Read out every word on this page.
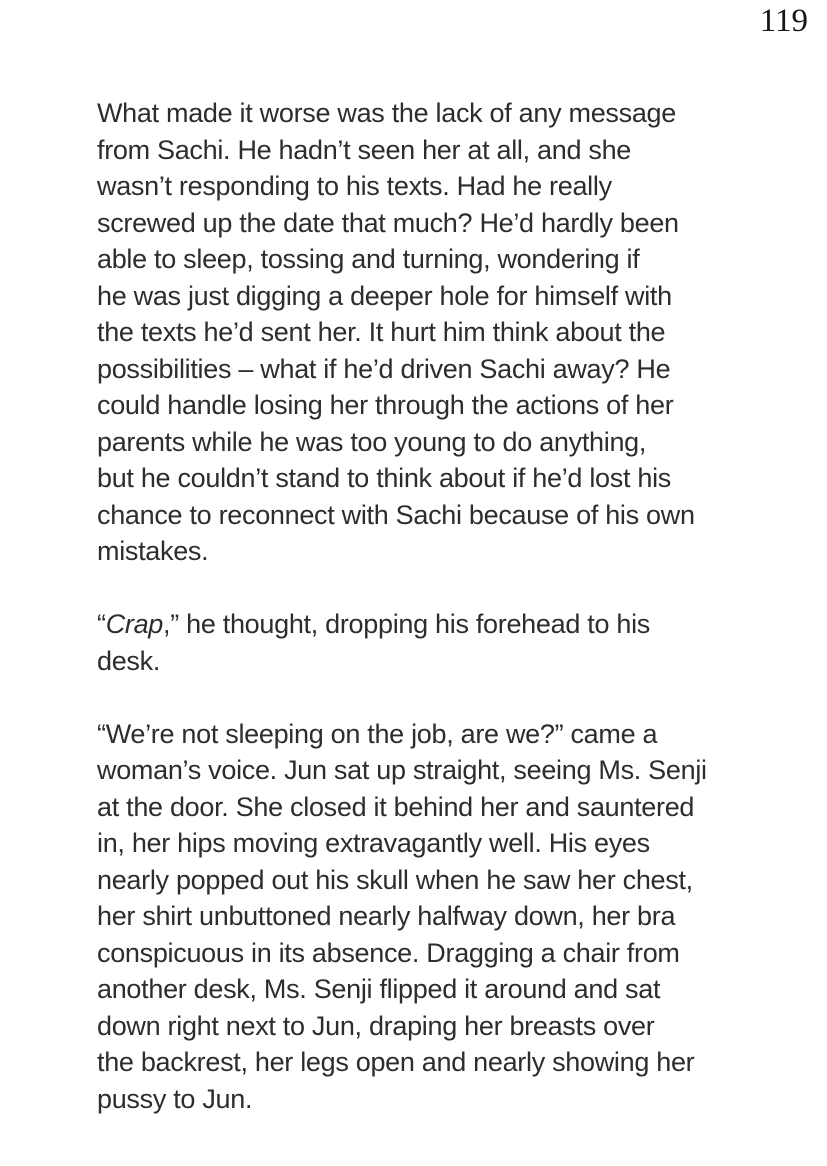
119

What made it worse was the lack of any message
from Sachi. He hadn’t seen her at all, and she
wasn’t responding to his texts. Had he really
screwed up the date that much? He’d hardly been
able to sleep, tossing and turning, wondering if
he was just digging a deeper hole for himself with
the texts he’d sent her. It hurt him think about the
possibilities – what if he’d driven Sachi away? He
could handle losing her through the actions of her
parents while he was too young to do anything,
but he couldn’t stand to think about if he’d lost his
chance to reconnect with Sachi because of his own
mistakes.

“Crap,” he thought, dropping his forehead to his
desk.

“We’re not sleeping on the job, are we?” came a
woman’s voice. Jun sat up straight, seeing Ms. Senji
at the door. She closed it behind her and sauntered
in, her hips moving extravagantly well. His eyes
nearly popped out his skull when he saw her chest,
her shirt unbuttoned nearly halfway down, her bra
conspicuous in its absence. Dragging a chair from
another desk, Ms. Senji flipped it around and sat
down right next to Jun, draping her breasts over
the backrest, her legs open and nearly showing her
pussy to Jun.
